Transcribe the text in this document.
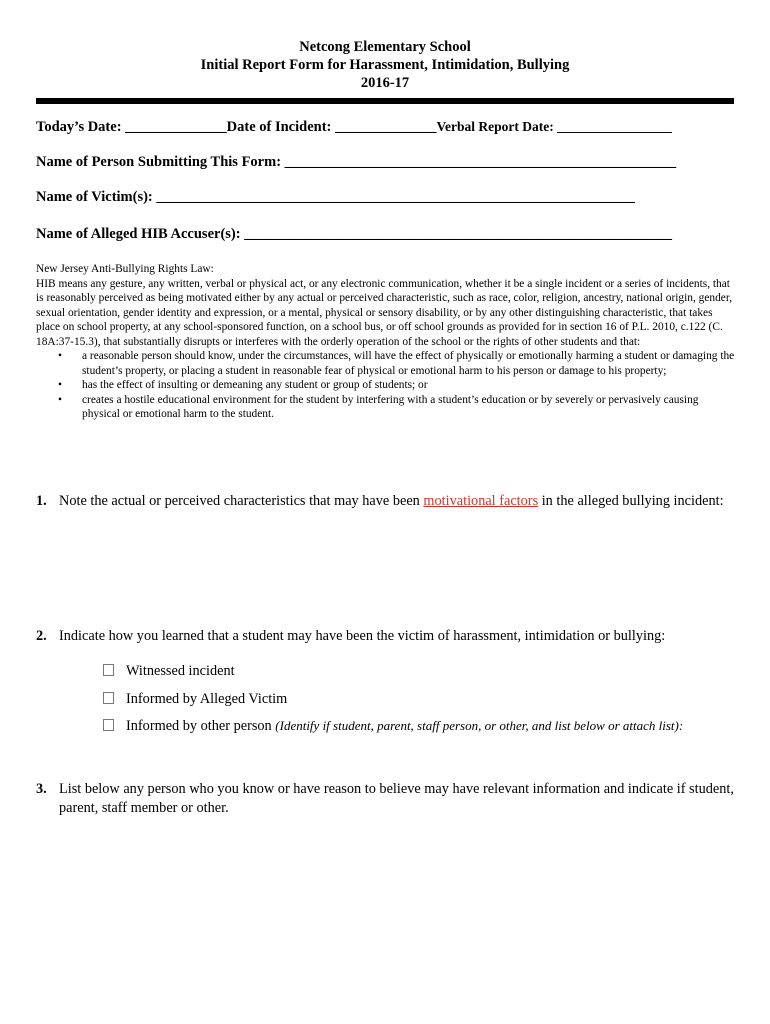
Netcong Elementary School
Initial Report Form for Harassment, Intimidation, Bullying
2016-17
Today’s Date: ______________Date of Incident: ______________Verbal Report Date: _________________
Name of Person Submitting This Form: ______________________________________________________
Name of Victim(s): __________________________________________________________________
Name of Alleged HIB Accuser(s): ___________________________________________________________

New Jersey Anti-Bullying Rights Law:

HIB means any gesture, any written, verbal or physical act, or any electronic communication, whether it be a single incident or a series of incidents, that is reasonably perceived as being motivated either by any actual or perceived characteristic, such as race, color, religion, ancestry, national origin, gender, sexual orientation, gender identity and expression, or a mental, physical or sensory disability, or by any other distinguishing characteristic, that takes place on school property, at any school-sponsored function, on a school bus, or off school grounds as provided for in section 16 of P.L. 2010, c.122 (C. 18A:37-15.3), that substantially disrupts or interferes with the orderly operation of the school or the rights of other students and that:

• a reasonable person should know, under the circumstances, will have the effect of physically or emotionally harming a student or damaging the student’s property, or placing a student in reasonable fear of physical or emotional harm to his person or damage to his property;
• has the effect of insulting or demeaning any student or group of students; or
• creates a hostile educational environment for the student by interfering with a student’s education or by severely or pervasively causing physical or emotional harm to the student.
1. Note the actual or perceived characteristics that may have been motivational factors in the alleged bullying incident:
2. Indicate how you learned that a student may have been the victim of harassment, intimidation or bullying:
Witnessed incident
Informed by Alleged Victim
Informed by other person (Identify if student, parent, staff person, or other, and list below or attach list):
3. List below any person who you know or have reason to believe may have relevant information and indicate if student, parent, staff member or other.
